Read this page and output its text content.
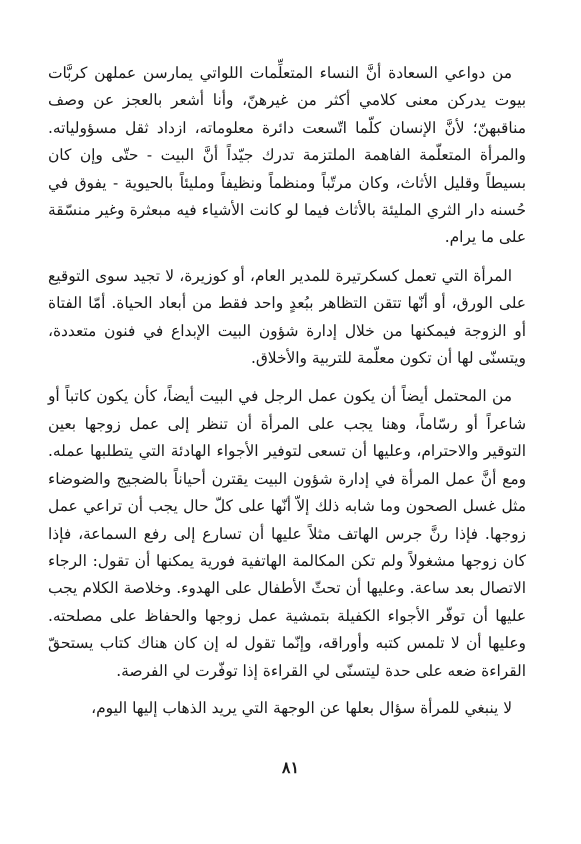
من دواعي السعادة أنَّ النساء المتعلِّمات اللواتي يمارسن عملهن كربَّات بيوت يدركن معنى كلامي أكثر من غيرهنّ، وأنا أشعر بالعجز عن وصف مناقبهنّ؛ لأنَّ الإنسان كلّما اتّسعت دائرة معلوماته، ازداد ثقل مسؤولياته. والمرأة المتعلّمة الفاهمة الملتزمة تدرك جيّداً أنَّ البيت - حتّى وإن كان بسيطاً وقليل الأثاث، وكان مرتّباً ومنظماً ونظيفاً ومليئاً بالحيوية - يفوق في حُسنه دار الثري المليئة بالأثاث فيما لو كانت الأشياء فيه مبعثرة وغير منسّقة على ما يرام.

المرأة التي تعمل كسكرتيرة للمدير العام، أو كوزيرة، لا تجيد سوى التوقيع على الورق، أو أنّها تتقن التظاهر ببُعدٍ واحد فقط من أبعاد الحياة. أمّا الفتاة أو الزوجة فيمكنها من خلال إدارة شؤون البيت الإبداع في فنون متعددة، ويتسنّى لها أن تكون معلّمة للتربية والأخلاق.

من المحتمل أيضاً أن يكون عمل الرجل في البيت أيضاً، كأن يكون كاتباً أو شاعراً أو رسّاماً، وهنا يجب على المرأة أن تنظر إلى عمل زوجها بعين التوقير والاحترام، وعليها أن تسعى لتوفير الأجواء الهادئة التي يتطلبها عمله. ومع أنَّ عمل المرأة في إدارة شؤون البيت يقترن أحياناً بالضجيج والضوضاء مثل غسل الصحون وما شابه ذلك إلاّ أنّها على كلّ حال يجب أن تراعي عمل زوجها. فإذا رنَّ جرس الهاتف مثلاً عليها أن تسارع إلى رفع السماعة، فإذا كان زوجها مشغولاً ولم تكن المكالمة الهاتفية فورية يمكنها أن تقول: الرجاء الاتصال بعد ساعة. وعليها أن تحثّ الأطفال على الهدوء. وخلاصة الكلام يجب عليها أن توفّر الأجواء الكفيلة بتمشية عمل زوجها والحفاظ على مصلحته. وعليها أن لا تلمس كتبه وأوراقه، وإنّما تقول له إن كان هناك كتاب يستحقّ القراءة ضعه على حدة ليتسنّى لي القراءة إذا توفّرت لي الفرصة.

لا ينبغي للمرأة سؤال بعلها عن الوجهة التي يريد الذهاب إليها اليوم،

٨١
